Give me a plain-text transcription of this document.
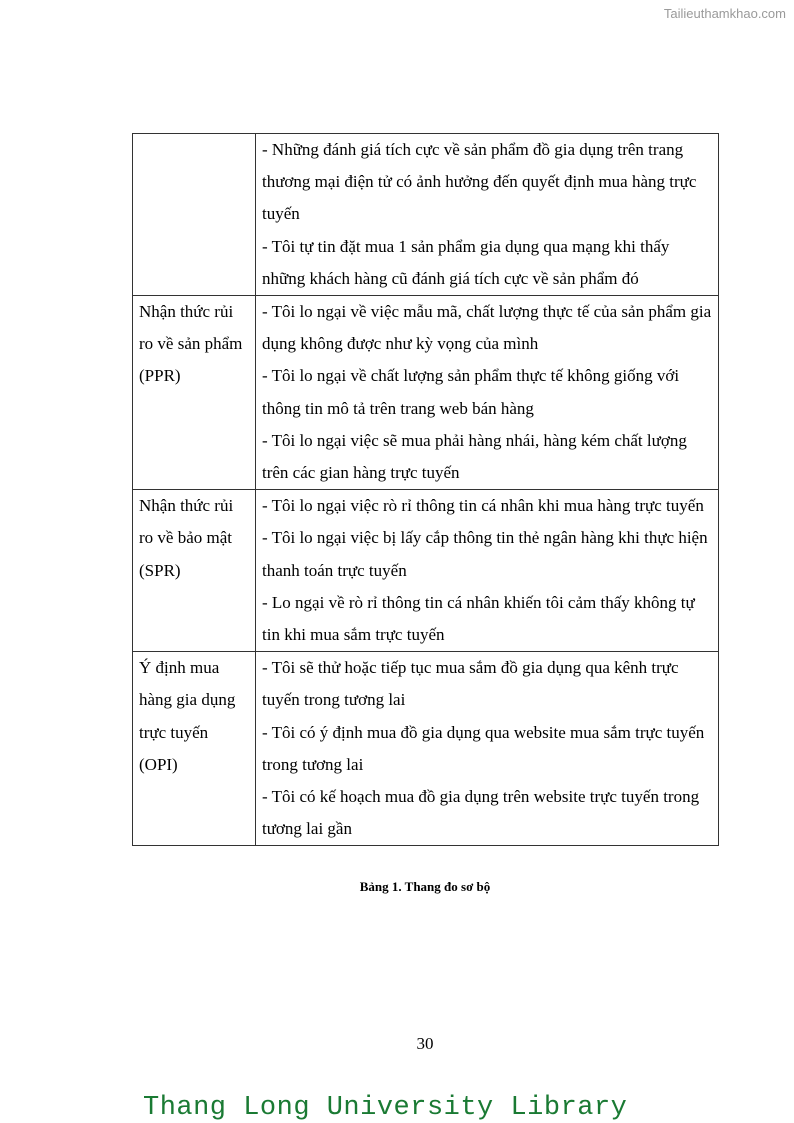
Tailieuthamkhao.com

	- Những đánh giá tích cực về sản phẩm đồ gia dụng trên trang thương mại điện tử có ảnh hưởng đến quyết định mua hàng trực tuyến
- Tôi tự tin đặt mua 1 sản phẩm gia dụng qua mạng khi thấy những khách hàng cũ đánh giá tích cực về sản phẩm đó

Nhận thức rủi ro về sản phẩm (PPR)	- Tôi lo ngại về việc mẫu mã, chất lượng thực tế của sản phẩm gia dụng không được như kỳ vọng của mình
- Tôi lo ngại về chất lượng sản phẩm thực tế không giống với thông tin mô tả trên trang web bán hàng
- Tôi lo ngại việc sẽ mua phải hàng nhái, hàng kém chất lượng trên các gian hàng trực tuyến

Nhận thức rủi ro về bảo mật (SPR)	- Tôi lo ngại việc rò rỉ thông tin cá nhân khi mua hàng trực tuyến
- Tôi lo ngại việc bị lấy cắp thông tin thẻ ngân hàng khi thực hiện thanh toán trực tuyến
- Lo ngại về rò rỉ thông tin cá nhân khiến tôi cảm thấy không tự tin khi mua sắm trực tuyến

Ý định mua hàng gia dụng trực tuyến (OPI)	- Tôi sẽ thử hoặc tiếp tục mua sắm đồ gia dụng qua kênh trực tuyến trong tương lai
- Tôi có ý định mua đồ gia dụng qua website mua sắm trực tuyến trong tương lai
- Tôi có kế hoạch mua đồ gia dụng trên website trực tuyến trong tương lai gần
Bảng 1. Thang đo sơ bộ
30
Thang Long University Library
